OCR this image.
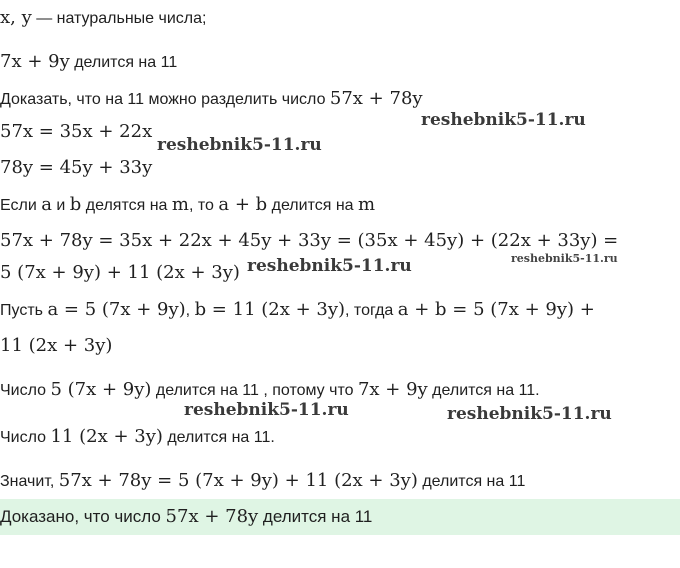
x, y — натуральные числа;
7x + 9y делится на 11
Доказать, что на 11 можно разделить число 57x + 78y
57x = 35x + 22x
78y = 45y + 33y
Если a и b делятся на m, то a + b делится на m
57x + 78y = 35x + 22x + 45y + 33y = (35x + 45y) + (22x + 33y) =
5 (7x + 9y) + 11 (2x + 3y)
Пусть a = 5 (7x + 9y), b = 11 (2x + 3y), тогда a + b = 5 (7x + 9y) +
11 (2x + 3y)
Число 5 (7x + 9y) делится на 11 , потому что 7x + 9y делится на 11.
Число 11 (2x + 3y) делится на 11.
Значит, 57x + 78y = 5 (7x + 9y) + 11 (2x + 3y) делится на 11
Доказано, что число 57x + 78y делится на 11
reshebnik5-11.ru
reshebnik5-11.ru
reshebnik5-11.ru	reshebnik5-11.ru
reshebnik5-11.ru	reshebnik5-11.ru
